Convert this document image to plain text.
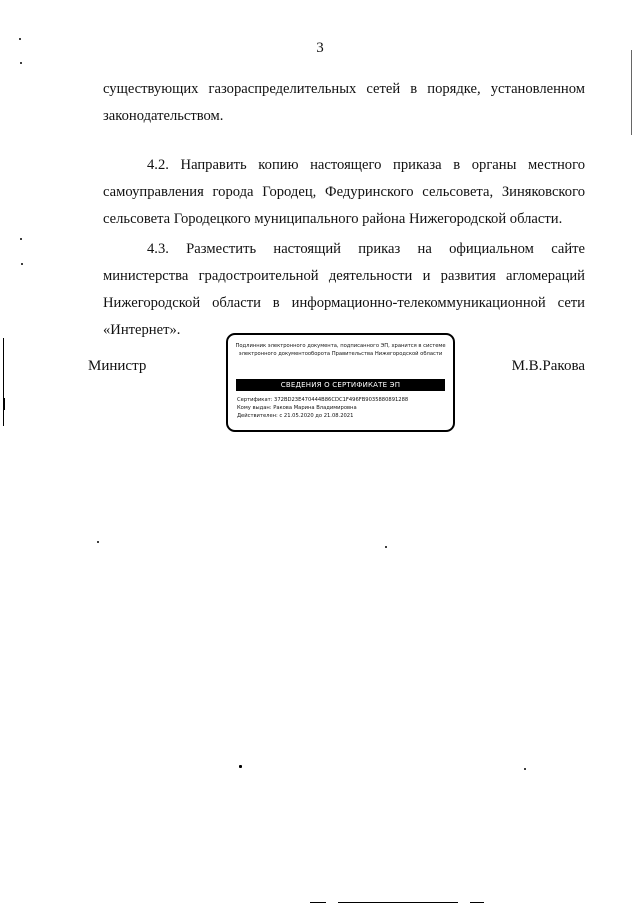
3

существующих газораспределительных сетей в порядке, установленном законодательством.

4.2. Направить копию настоящего приказа в органы местного самоуправления города Городец, Федуринского сельсовета, Зиняковского сельсовета Городецкого муниципального района Нижегородской области.

4.3. Разместить настоящий приказ на официальном сайте министерства градостроительной деятельности и развития агломераций Нижегородской области в информационно-телекоммуникационной сети «Интернет».

Министр

Подлинник электронного документа, подписанного ЭП, хранится в системе электронного документооборота Правительства Нижегородской области

СВЕДЕНИЯ О СЕРТИФИКАТЕ ЭП
Сертификат: 372BD23E470444B86CDC1F496FB9035880891288
Кому выдан: Ракова Марина Владимировна
Действителен: с 21.05.2020 до 21.08.2021
М.В.Ракова
